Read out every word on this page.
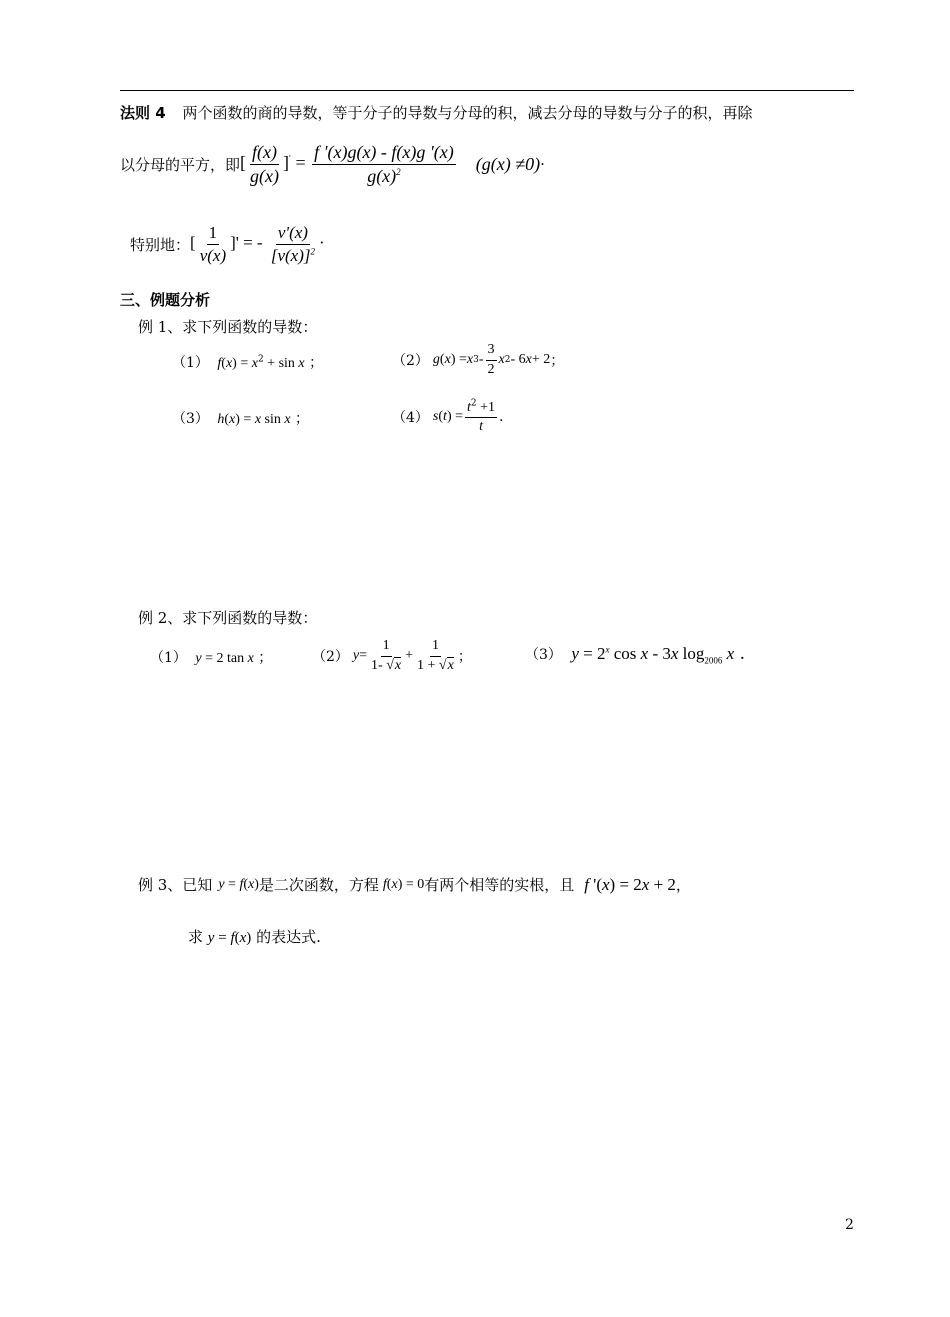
法则 4 两个函数的商的导数，等于分子的导数与分母的积，减去分母的导数与分子的积，再除
以分母的平方，即 [ $\frac{f(x)}{g(x)} ]' = \frac{f '(x)g(x) - f(x)g '(x)}{g(x)^2} (g(x) \ne 0)$ ·
特别地： [ $\frac{1}{v(x)}$ ]' = - $\frac{v'(x)}{[v(x)]^2}$ ·
三、例题分析
例 1、求下列函数的导数：
（1） $f(x) = x^2 + \sin x$ ；	（2） g ( x ) = x $3 - \frac{3}{2}$ x 2 - 6 x + 2 ；
（3） h(x) = x sin x ；	（4） s ( t ) = $\frac{t^2 +1}{t}$ .
例 2、求下列函数的导数：
（1） y = 2 tan x ；	（2） $y = \frac{1}{1- √x} + \frac{1}{1 + √x}$ ；	（3） $y = 2^x$ cos x - 3x $\log_{2006} x$ .
例 3、已知 y = f(x) 是二次函数，方程 f(x) = 0 有两个相等的实根，且 f '(x) = 2x + 2 ，
求 y = f(x) 的表达式.
2
